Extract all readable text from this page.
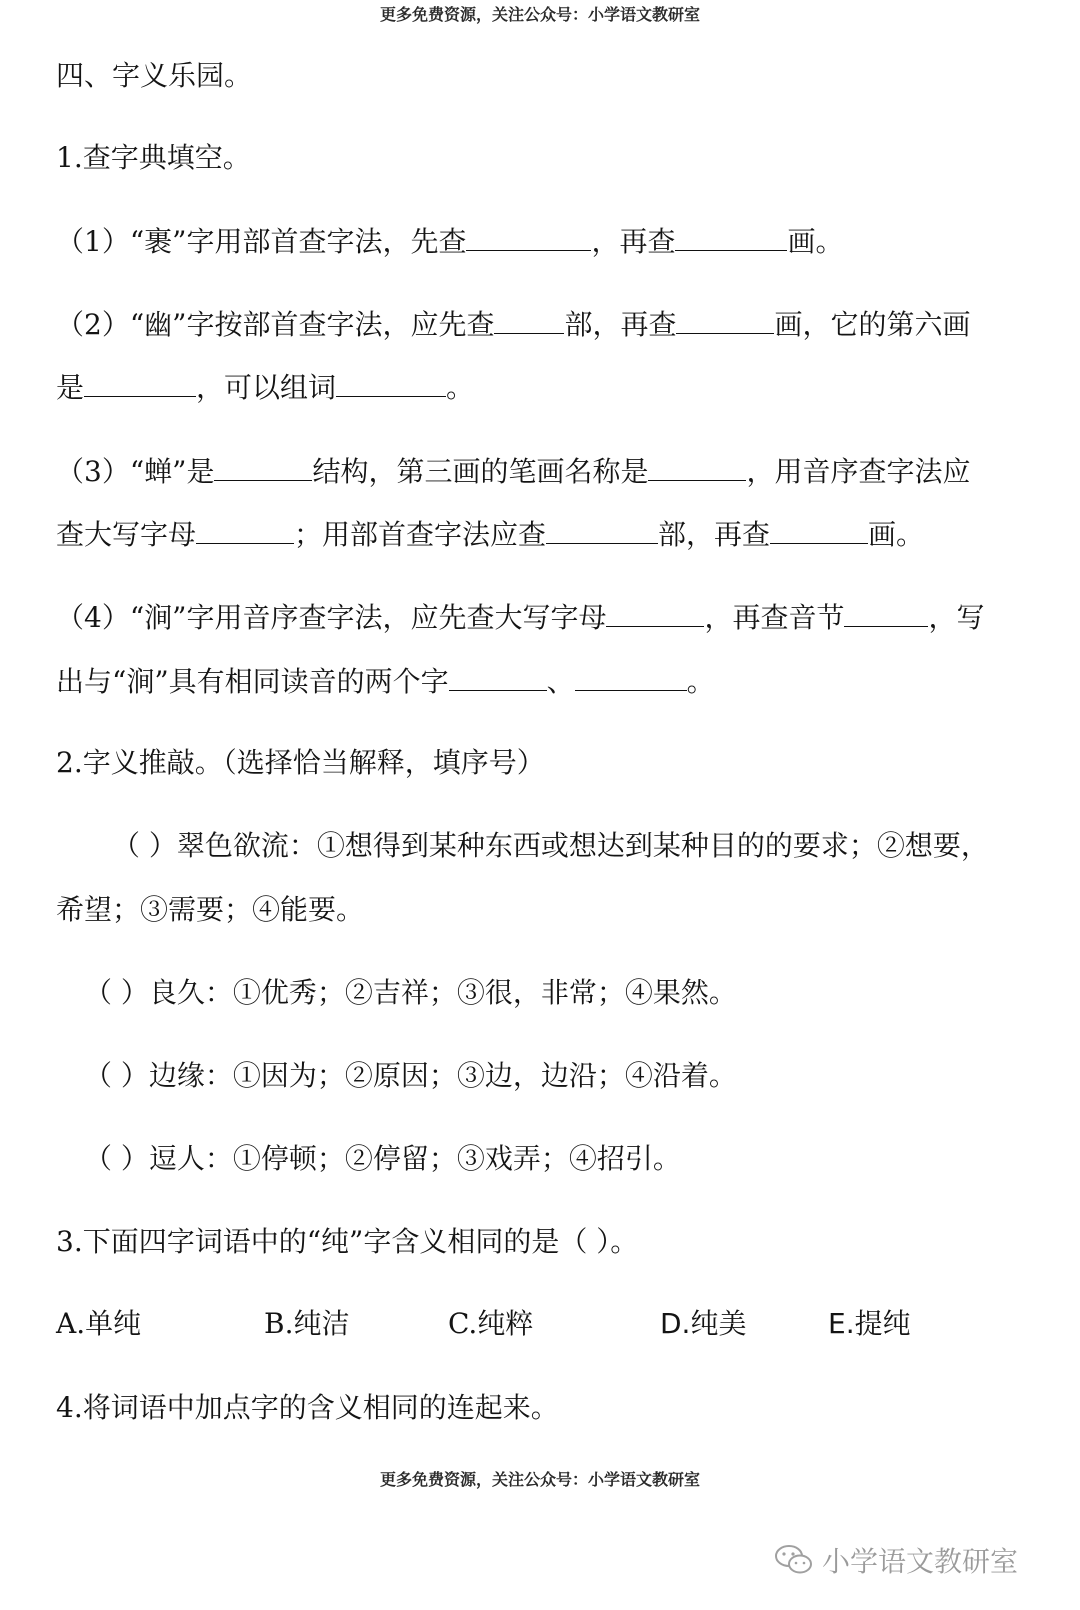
更多免费资源，关注公众号：小学语文教研室
四、字义乐园。
1.查字典填空。
（1）“裹”字用部首查字法，先查	，再查	画。
（2）“幽”字按部首查字法，应先查	部，再查	画，它的第六画
是	，可以组词	。
（3）“蝉”是	结构，第三画的笔画名称是	，用音序查字法应
查大写字母	；用部首查字法应查	部，再查	画。
（4）“涧”字用音序查字法，应先查大写字母	，再查音节	，写
出与“涧”具有相同读音的两个字	、	。
2.字义推敲。（选择恰当解释，填序号）
（ ）翠色欲流：①想得到某种东西或想达到某种目的的要求；②想要，
希望；③需要；④能要。
（ ）良久：①优秀；②吉祥；③很，非常；④果然。
（ ）边缘：①因为；②原因；③边，边沿；④沿着。
（ ）逗人：①停顿；②停留；③戏弄；④招引。
3.下面四字词语中的“纯”字含义相同的是（ ）。
A.单纯	B.纯洁	C.纯粹	D.纯美	E.提纯
4.将词语中加点字的含义相同的连起来。
更多免费资源，关注公众号：小学语文教研室
小学语文教研室
